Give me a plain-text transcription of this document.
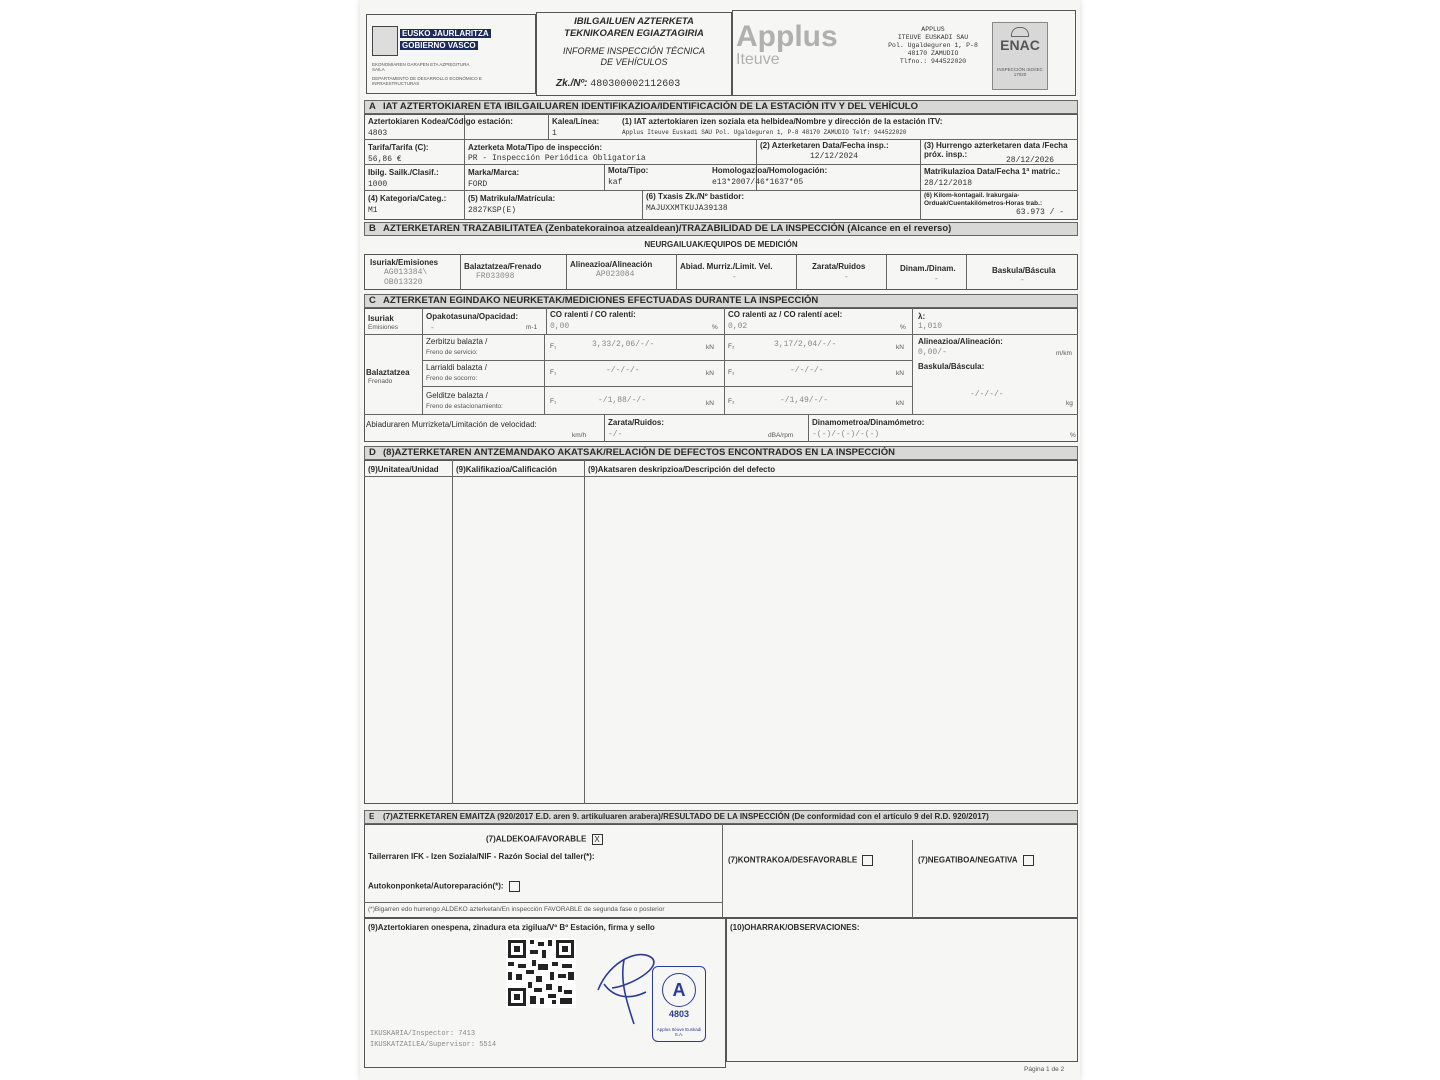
EUSKO JAURLARITZA
GOBIERNO VASCO
EKONOMIAREN GARAPEN ETA AZPIEGITURA SAILA
DEPARTAMENTO DE DESARROLLO ECONÓMICO E INFRAESTRUCTURAS
IBILGAILUEN AZTERKETA
TEKNIKOAREN EGIAZTAGIRIA
INFORME INSPECCIÓN TÉCNICA
DE VEHÍCULOS
Zk./Nº: 480300002112603
Applus
Iteuve
APPLUS
ITEUVE EUSKADI SAU
Pol. Ugaldeguren 1, P-8
48170 ZAMUDIO
Tlfno.: 944522020
ENAC
INSPECCIÓN ISO/IEC 17020
A IAT AZTERTOKIAREN ETA IBILGAILUAREN IDENTIFIKAZIOA/IDENTIFICACIÓN DE LA ESTACIÓN ITV Y DEL VEHÍCULO
Aztertokiaren Kodea/Código estación:
4803
Kalea/Línea:
1
(1) IAT aztertokiaren izen soziala eta helbidea/Nombre y dirección de la estación ITV:
Applus Iteuve Euskadi SAU Pol. Ugaldeguren 1, P-8 48170 ZAMUDIO Telf: 944522020
Tarifa/Tarifa (C):
56,86 €
Azterketa Mota/Tipo de inspección:
PR - Inspección Periódica Obligatoria
(2) Azterketaren Data/Fecha insp.:
12/12/2024
(3) Hurrengo azterketaren data /Fecha próx. insp.:
28/12/2026
Ibilg. Sailk./Clasif.:
1000
Marka/Marca:
FORD
Mota/Tipo:
kaf
Homologazioa/Homologación:
e13*2007/46*1637*05
Matrikulazioa Data/Fecha 1ª matric.:
28/12/2018
(4) Kategoria/Categ.:
M1
(5) Matrikula/Matrícula:
2827KSP(E)
(6) Txasis Zk./Nº bastidor:
MAJUXXMTKUJA39138
(6) Kilom-kontagail. Irakurgaia-Orduak/Cuentakilómetros-Horas trab.:
63.973 / -
B AZTERKETAREN TRAZABILITATEA (Zenbatekorainoa atzealdean)/TRAZABILIDAD DE LA INSPECCIÓN (Alcance en el reverso)
NEURGAILUAK/EQUIPOS DE MEDICIÓN
Isuriak/Emisiones
AG013384\
OB013320
Balaztatzea/Frenado
FR033098
Alineazioa/Alineación
AP023084
Abiad. Murriz./Limit. Vel.
-
Zarata/Ruidos
-
Dinam./Dinam.
-
Baskula/Báscula
-
C AZTERKETAN EGINDAKO NEURKETAK/MEDICIONES EFECTUADAS DURANTE LA INSPECCIÓN
Isuriak
Emisiones
Opakotasuna/Opacidad:
-	m-1
CO ralenti / CO ralentí:
0,00	%
CO ralenti az / CO ralentí acel:
0,02	%
λ:
1,010
Balaztatzea
Frenado
Zerbitzu balazta /
Freno de servicio:
F₁	3,33/2,06/-/-	kN F₂	3,17/2,04/-/-	kN
Larrialdi balazta /
Freno de socorro:
F₁	-/-/-/-	kN F₂	-/-/-/-	kN
Gelditze balazta /
Freno de estacionamiento:
F₁	-/1,88/-/-	kN F₂	-/1,49/-/-	kN
Alineazioa/Alineación:
0,00/-	m/km
Baskula/Báscula:
-/-/-/-
kg
Abiaduraren Murrizketa/Limitación de velocidad:
km/h
Zarata/Ruidos:
-/-	dBA/rpm
Dinamometroa/Dinamómetro:
-(-)/-(-)/-(-)	%
D (8)AZTERKETAREN ANTZEMANDAKO AKATSAK/RELACIÓN DE DEFECTOS ENCONTRADOS EN LA INSPECCIÓN
(9)Unitatea/Unidad (9)Kalifikazioa/Calificación	(9)Akatsaren deskripzioa/Descripción del defecto
E (7)AZTERKETAREN EMAITZA (920/2017 E.D. aren 9. artikuluaren arabera)/RESULTADO DE LA INSPECCIÓN (De conformidad con el artículo 9 del R.D. 920/2017)
(7)ALDEKOA/FAVORABLE X
Tailerraren IFK - Izen Soziala/NIF - Razón Social del taller(*):
Autokonponketa/Autoreparación(*):
(*)Bigarren edo hurrengo ALDEKO azterketan/En inspección FAVORABLE de segunda fase o posterior
(7)KONTRAKOA/DESFAVORABLE	(7)NEGATIBOA/NEGATIVA
(9)Aztertokiaren onespena, zinadura eta zigilua/Vº Bº Estación, firma y sello	(10)OHARRAK/OBSERVACIONES:
A
4803
Applus Iteuve Euskadi S.A.
IKUSKARIA/Inspector: 7413
IKUSKATZAILEA/Supervisor: 5514
Página 1 de 2
